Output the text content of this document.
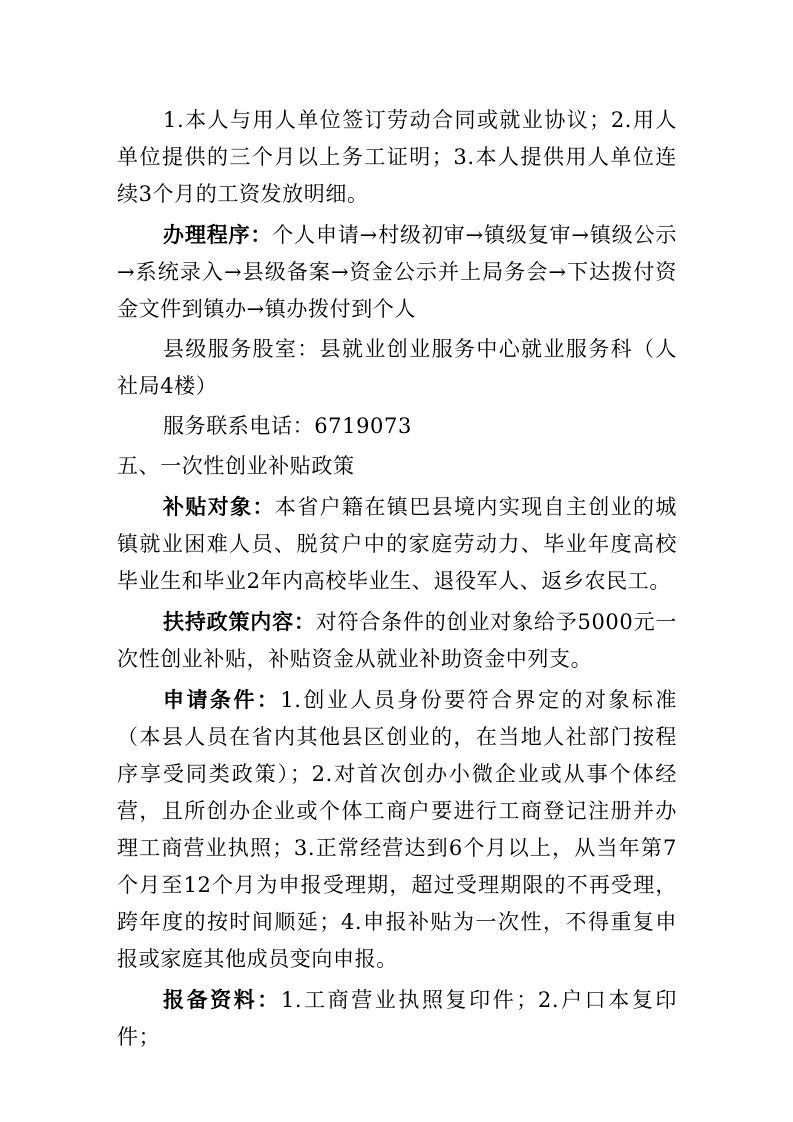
1.本人与用人单位签订劳动合同或就业协议；2.用人单位提供的三个月以上务工证明；3.本人提供用人单位连续3个月的工资发放明细。

办理程序：个人申请→村级初审→镇级复审→镇级公示→系统录入→县级备案→资金公示并上局务会→下达拨付资金文件到镇办→镇办拨付到个人

县级服务股室：县就业创业服务中心就业服务科（人社局4楼）

服务联系电话：6719073

五、一次性创业补贴政策

补贴对象：本省户籍在镇巴县境内实现自主创业的城镇就业困难人员、脱贫户中的家庭劳动力、毕业年度高校毕业生和毕业2年内高校毕业生、退役军人、返乡农民工。

扶持政策内容：对符合条件的创业对象给予5000元一次性创业补贴，补贴资金从就业补助资金中列支。

申请条件：1.创业人员身份要符合界定的对象标准（本县人员在省内其他县区创业的，在当地人社部门按程序享受同类政策）；2.对首次创办小微企业或从事个体经营，且所创办企业或个体工商户要进行工商登记注册并办理工商营业执照；3.正常经营达到6个月以上，从当年第7个月至12个月为申报受理期，超过受理期限的不再受理，跨年度的按时间顺延；4.申报补贴为一次性，不得重复申报或家庭其他成员变向申报。

报备资料：1.工商营业执照复印件；2.户口本复印件；
